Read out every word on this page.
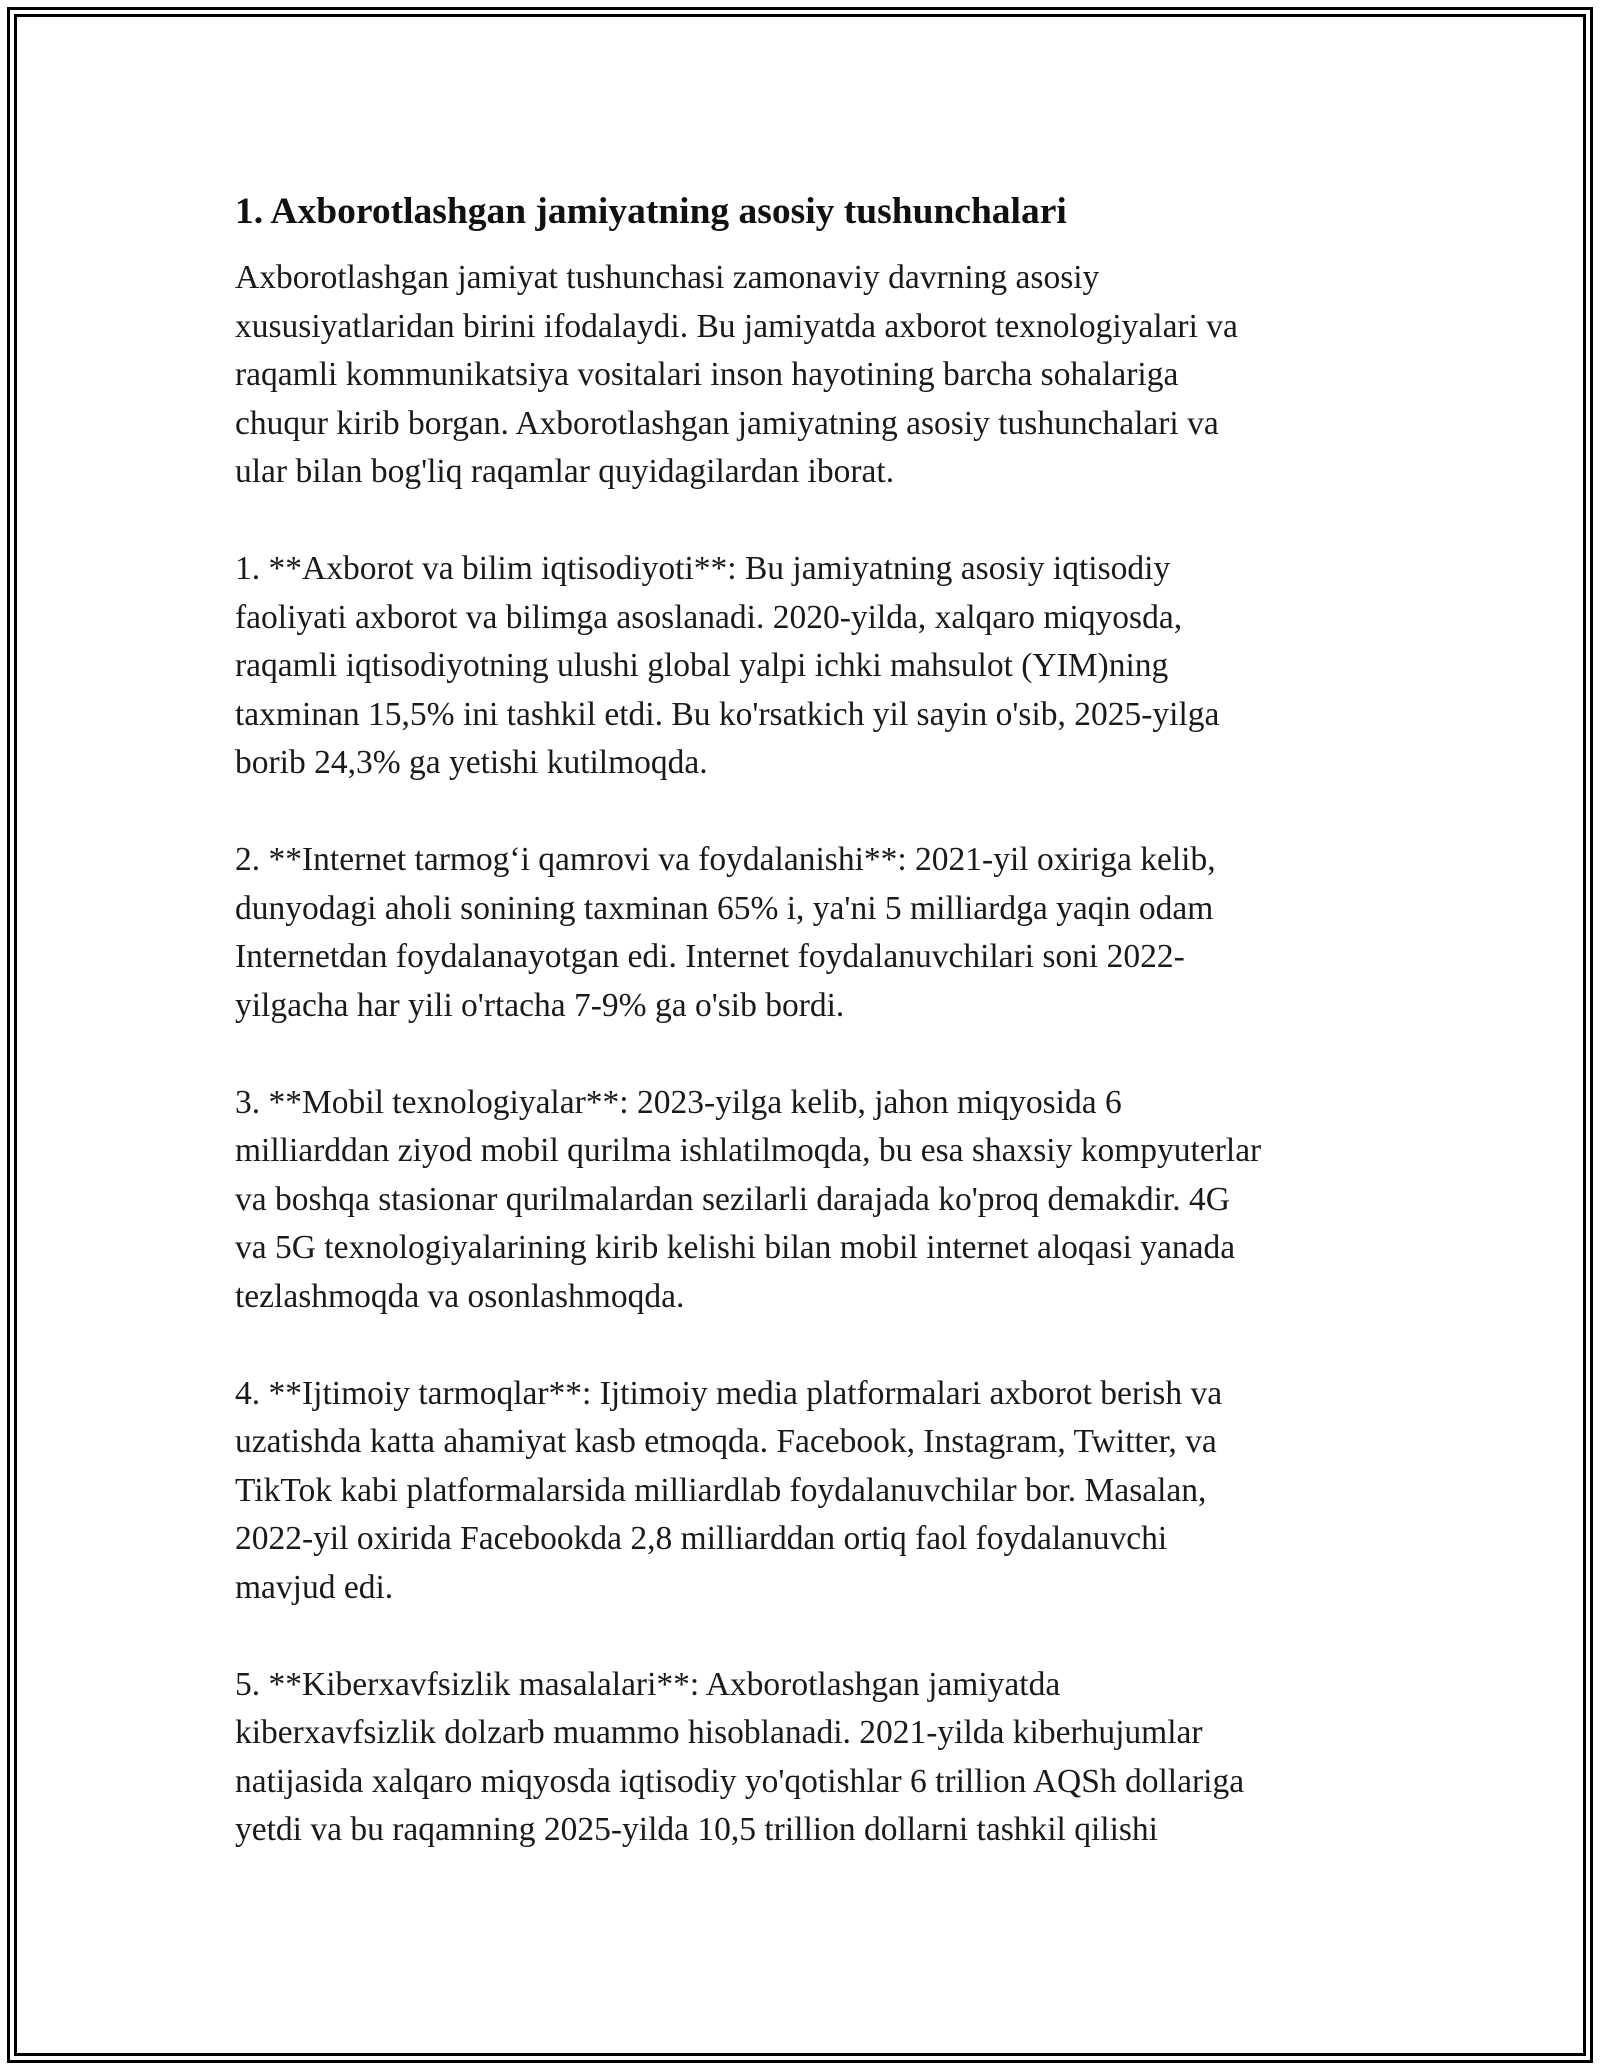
1. Axborotlashgan jamiyatning asosiy tushunchalari
Axborotlashgan jamiyat tushunchasi zamonaviy davrning asosiy
xususiyatlaridan birini ifodalaydi. Bu jamiyatda axborot texnologiyalari va
raqamli kommunikatsiya vositalari inson hayotining barcha sohalariga
chuqur kirib borgan. Axborotlashgan jamiyatning asosiy tushunchalari va
ular bilan bog'liq raqamlar quyidagilardan iborat.
1. **Axborot va bilim iqtisodiyoti**: Bu jamiyatning asosiy iqtisodiy
faoliyati axborot va bilimga asoslanadi. 2020-yilda, xalqaro miqyosda,
raqamli iqtisodiyotning ulushi global yalpi ichki mahsulot (YIM)ning
taxminan 15,5% ini tashkil etdi. Bu ko'rsatkich yil sayin o'sib, 2025-yilga
borib 24,3% ga yetishi kutilmoqda.
2. **Internet tarmog‘i qamrovi va foydalanishi**: 2021-yil oxiriga kelib,
dunyodagi aholi sonining taxminan 65% i, ya'ni 5 milliardga yaqin odam
Internetdan foydalanayotgan edi. Internet foydalanuvchilari soni 2022-
yilgacha har yili o'rtacha 7-9% ga o'sib bordi.
3. **Mobil texnologiyalar**: 2023-yilga kelib, jahon miqyosida 6
milliarddan ziyod mobil qurilma ishlatilmoqda, bu esa shaxsiy kompyuterlar
va boshqa stasionar qurilmalardan sezilarli darajada ko'proq demakdir. 4G
va 5G texnologiyalarining kirib kelishi bilan mobil internet aloqasi yanada
tezlashmoqda va osonlashmoqda.
4. **Ijtimoiy tarmoqlar**: Ijtimoiy media platformalari axborot berish va
uzatishda katta ahamiyat kasb etmoqda. Facebook, Instagram, Twitter, va
TikTok kabi platformalarsida milliardlab foydalanuvchilar bor. Masalan,
2022-yil oxirida Facebookda 2,8 milliarddan ortiq faol foydalanuvchi
mavjud edi.
5. **Kiberxavfsizlik masalalari**: Axborotlashgan jamiyatda
kiberxavfsizlik dolzarb muammo hisoblanadi. 2021-yilda kiberhujumlar
natijasida xalqaro miqyosda iqtisodiy yo'qotishlar 6 trillion AQSh dollariga
yetdi va bu raqamning 2025-yilda 10,5 trillion dollarni tashkil qilishi
